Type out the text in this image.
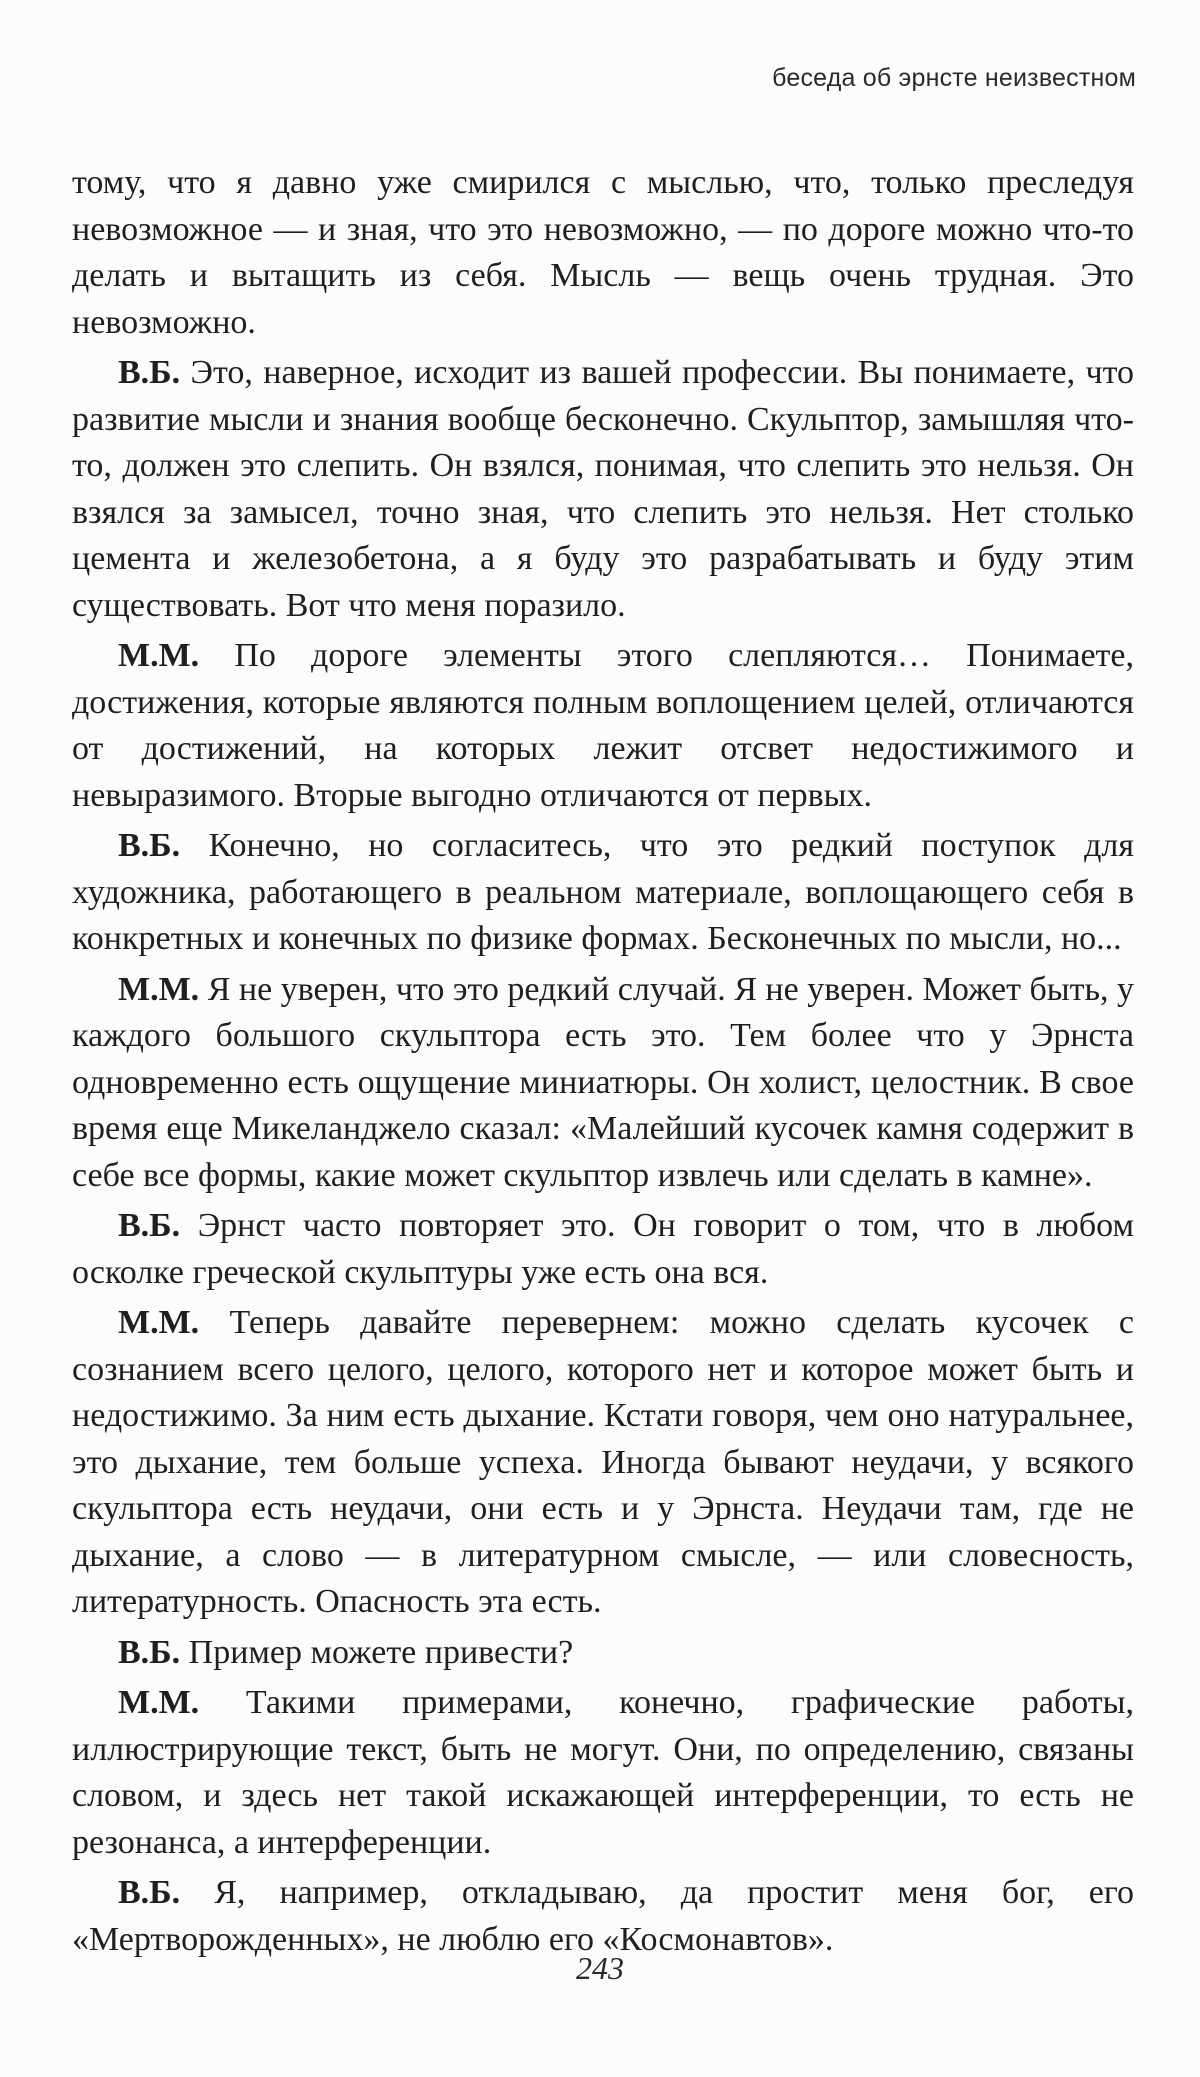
беседа об эрнсте неизвестном

тому, что я давно уже смирился с мыслью, что, только преследуя невозможное — и зная, что это невозможно, — по дороге можно что-то делать и вытащить из себя. Мысль — вещь очень трудная. Это невозможно.

В.Б. Это, наверное, исходит из вашей профессии. Вы понимаете, что развитие мысли и знания вообще бесконечно. Скульптор, замышляя что-то, должен это слепить. Он взялся, понимая, что слепить это нельзя. Он взялся за замысел, точно зная, что слепить это нельзя. Нет столько цемента и железобетона, а я буду это разрабатывать и буду этим существовать. Вот что меня поразило.

М.М. По дороге элементы этого слепляются… Понимаете, достижения, которые являются полным воплощением целей, отличаются от достижений, на которых лежит отсвет недостижимого и невыразимого. Вторые выгодно отличаются от первых.

В.Б. Конечно, но согласитесь, что это редкий поступок для художника, работающего в реальном материале, воплощающего себя в конкретных и конечных по физике формах. Бесконечных по мысли, но...

М.М. Я не уверен, что это редкий случай. Я не уверен. Может быть, у каждого большого скульптора есть это. Тем более что у Эрнста одновременно есть ощущение миниатюры. Он холист, целостник. В свое время еще Микеланджело сказал: «Малейший кусочек камня содержит в себе все формы, какие может скульптор извлечь или сделать в камне».

В.Б. Эрнст часто повторяет это. Он говорит о том, что в любом осколке греческой скульптуры уже есть она вся.

М.М. Теперь давайте перевернем: можно сделать кусочек с сознанием всего целого, целого, которого нет и которое может быть и недостижимо. За ним есть дыхание. Кстати говоря, чем оно натуральнее, это дыхание, тем больше успеха. Иногда бывают неудачи, у всякого скульптора есть неудачи, они есть и у Эрнста. Неудачи там, где не дыхание, а слово — в литературном смысле, — или словесность, литературность. Опасность эта есть.

В.Б. Пример можете привести?

М.М. Такими примерами, конечно, графические работы, иллюстрирующие текст, быть не могут. Они, по определению, связаны словом, и здесь нет такой искажающей интерференции, то есть не резонанса, а интерференции.

В.Б. Я, например, откладываю, да простит меня бог, его «Мертворожденных», не люблю его «Космонавтов».

243
